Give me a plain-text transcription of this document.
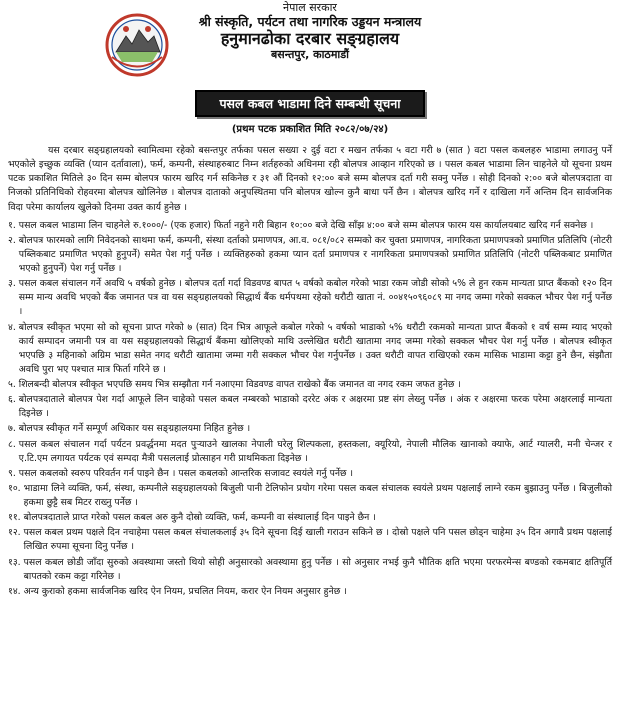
नेपाल सरकार
श्री संस्कृति, पर्यटन तथा नागरिक उड्डयन मन्त्रालय
हनुमानढोका दरबार सङ्ग्रहालय
बसन्तपुर, काठमाडौं
पसल कबल भाडामा दिने सम्बन्धी सूचना
(प्रथम पटक प्रकाशित मिति २०८२/०७/२४)
यस दरबार सङ्ग्रहालयको स्वामित्वमा रहेको बसन्तपुर तर्फका पसल सख्या २ दुई वटा र मखन तर्फका ५ वटा गरी ७ (सात ) वटा पसल कबलहरु भाडामा लगाउनु पर्ने भएकोले इच्छुक व्यक्ति (प्यान दर्तावाला), फर्म, कम्पनी, संस्थाहरुबाट निम्न शर्तहरुको अधिनमा रही बोलपत्र आव्हान गरिएको छ । पसल कबल भाडामा लिन चाहनेले यो सूचना प्रथम पटक प्रकाशित मितिले ३० दिन सम्म बोलपत्र फारम खरिद गर्न सकिनेछ र ३१ औं दिनको १२:०० बजे सम्म बोलपत्र दर्ता गरी सक्नु पर्नेछ । सोही दिनको २:०० बजे बोलपत्रदाता वा निजको प्रतिनिधिको रोहवरमा बोलपत्र खोलिनेछ । बोलपत्र दाताको अनुपस्थितमा पनि बोलपत्र खोल्न कुनै बाधा पर्ने छैन । बोलपत्र खरिद गर्ने र दाखिला गर्ने अन्तिम दिन सार्वजनिक विदा परेमा कार्यालय खुलेको दिनमा उक्त कार्य हुनेछ ।
१. पसल कबल भाडामा लिन चाहनेले रु.१०००/- (एक हजार) फिर्ता नहुने गरी बिहान १०:०० बजे देखि साँझ ४:०० बजे सम्म बोलपत्र फारम यस कार्यालयबाट खरिद गर्न सक्नेछ ।
२. बोलपत्र फारमको लागि निवेदनको साथमा फर्म, कम्पनी, संस्था दर्ताको प्रमाणपत्र, आ.व. ०८१/०८२ सम्मको कर चुक्ता प्रमाणपत्र, नागरिकता प्रमाणपत्रको प्रमाणित प्रतिलिपि (नोटरी पब्लिकबाट प्रमाणित भएको हुनुपर्ने) समेत पेश गर्नु पर्नेछ । व्यक्तिहरुको हकमा प्यान दर्ता प्रमाणपत्र र नागरिकता प्रमाणपत्रको प्रमाणित प्रतिलिपि (नोटरी पब्लिकबाट प्रमाणित भएको हुनुपर्ने) पेश गर्नु पर्नेछ ।
३. पसल कबल संचालन गर्ने अवधि ५ वर्षको हुनेछ । बोलपत्र दर्ता गर्दा विडवण्ड बापत ५ वर्षको कबोल गरेको भाडा रकम जोडी सोको ५% ले हुन रकम मान्यता प्राप्त बैंकको १२० दिन सम्म मान्य अवधि भएको बैंक जमानत पत्र वा यस सङ्ग्रहालयको सिद्धार्थ बैंक धर्मपथमा रहेको धरौटी खाता नं. ००४१५०९६०८९ मा नगद जम्मा गरेको सक्कल भौचर पेश गर्नु पर्नेछ ।
४. बोलपत्र स्वीकृत भएमा सो को सूचना प्राप्त गरेको ७ (सात) दिन भित्र आफूले कबोल गरेको ५ वर्षको भाडाको ५% धरौटी रकमको मान्यता प्राप्त बैंकको १ वर्ष सम्म म्याद भएको कार्य सम्पादन जमानी पत्र वा यस सङ्ग्रहालयको सिद्धार्थ बैंकमा खोलिएको माथि उल्लेखित धरौटी खातामा नगद जम्मा गरेको सक्कल भौचर पेश गर्नु पर्नेछ । बोलपत्र स्वीकृत भएपछि ३ महिनाको अग्रिम भाडा समेत नगद धरौटी खातामा जम्मा गरी सक्कल भौचर पेश गर्नुपर्नेछ । उक्त धरौटी वापत राखिएको रकम मासिक भाडामा कट्टा हुने छैन, संझौता अवधि पुरा भए पश्चात मात्र फिर्ता गरिने छ ।
५. शिलबन्दी बोलपत्र स्वीकृत भएपछि समय भित्र सम्झौता गर्न नआएमा विडवण्ड वापत राखेको बैंक जमानत वा नगद रकम जफत हुनेछ ।
६. बोलपत्रदाताले बोलपत्र पेश गर्दा आफूले लिन चाहेको पसल कबल नम्बरको भाडाको दररेट अंक र अक्षरमा प्रष्ट संग लेख्नु पर्नेछ । अंक र अक्षरमा फरक परेमा अक्षरलाई मान्यता दिइनेछ ।
७. बोलपत्र स्वीकृत गर्ने सम्पूर्ण अधिकार यस सङ्ग्रहालयमा निहित हुनेछ ।
८. पसल कबल संचालन गर्दा पर्यटन प्रवर्द्धनमा मदत पुऱ्याउने खालका नेपाली घरेलु शिल्पकला, हस्तकला, क्यूरियो, नेपाली मौलिक खानाको क्याफे, आर्ट ग्यालरी, मनी चेन्जर र ए.टि.एम लगायत पर्यटक एवं सम्पदा मैत्री पसललाई प्रोत्साहन गरी प्राथमिकता दिइनेछ ।
९. पसल कबलको स्वरुप परिवर्तन गर्न पाइने छैन । पसल कबलको आन्तरिक सजावट स्वयंले गर्नु पर्नेछ ।
१०. भाडामा लिने व्यक्ति, फर्म, संस्था, कम्पनीले सङ्ग्रहालयको बिजुली पानी टेलिफोन प्रयोग गरेमा पसल कबल संचालक स्वयंले प्रथम पक्षलाई लाग्ने रकम बुझाउनु पर्नेछ । बिजुलीको हकमा छुट्टै सब मिटर राख्नु पर्नेछ ।
११. बोलपत्रदाताले प्राप्त गरेको पसल कबल अरु कुनै दोस्रो व्यक्ति, फर्म, कम्पनी वा संस्थालाई दिन पाइने छैन ।
१२. पसल कबल प्रथम पक्षले दिन नचाहेमा पसल कबल संचालकलाई ३५ दिने सूचना दिई खाली गराउन सकिने छ । दोस्रो पक्षले पनि पसल छोड्न चाहेमा ३५ दिन अगावै प्रथम पक्षलाई लिखित रुपमा सूचना दिनु पर्नेछ ।
१३. पसल कबल छोडी जाँदा सुरुको अवस्थामा जस्तो थियो सोही अनुसारको अवस्थामा हुनु पर्नेछ । सो अनुसार नभई कुनै भौतिक क्षति भएमा परफरमेन्स बण्डको रकमबाट क्षतिपूर्ति बापतको रकम कट्टा गरिनेछ ।
१४. अन्य कुराको हकमा सार्वजनिक खरिद ऐन नियम, प्रचलित नियम, करार ऐन नियम अनुसार हुनेछ ।
